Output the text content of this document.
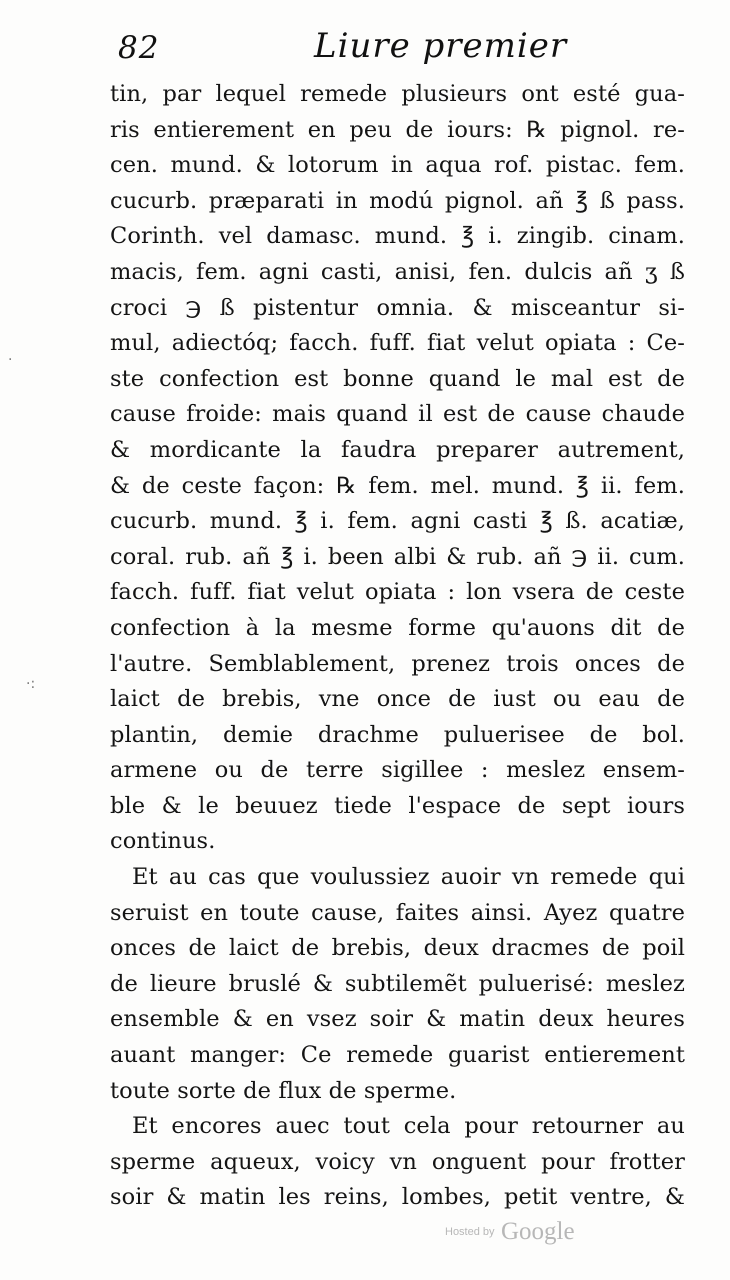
82	Liure premier
tin, par lequel remede plusieurs ont esté gua-
ris entierement en peu de iours: ℞ pignol. re-
cen. mund. & lotorum in aqua rof. pistac. fem.
cucurb. præparati in modú pignol. añ ℥ ß pass.
Corinth. vel damasc. mund. ℥ i. zingib. cinam.
macis, fem. agni casti, anisi, fen. dulcis añ ʒ ß
croci ℈ ß pistentur omnia. & misceantur si-
mul, adiectóq; facch. fuff. fiat velut opiata : Ce-
ste confection est bonne quand le mal est de
cause froide: mais quand il est de cause chaude
& mordicante la faudra preparer autrement,
& de ceste façon: ℞ fem. mel. mund. ℥ ii. fem.
cucurb. mund. ℥ i. fem. agni casti ℥ ß. acatiæ,
coral. rub. añ ℥ i. been albi & rub. añ ℈ ii. cum.
facch. fuff. fiat velut opiata : lon vsera de ceste
confection à la mesme forme qu'auons dit de
l'autre. Semblablement, prenez trois onces de
laict de brebis, vne once de iust ou eau de
plantin, demie drachme puluerisee de bol.
armene ou de terre sigillee : meslez ensem-
ble & le beuuez tiede l'espace de sept iours
continus.
Et au cas que voulussiez auoir vn remede qui
seruist en toute cause, faites ainsi. Ayez quatre
onces de laict de brebis, deux dracmes de poil
de lieure bruslé & subtilemẽt puluerisé: meslez
ensemble & en vsez soir & matin deux heures
auant manger: Ce remede guarist entierement
toute sorte de flux de sperme.
Et encores auec tout cela pour retourner au
sperme aqueux, voicy vn onguent pour frotter
soir & matin les reins, lombes, petit ventre, &
·
·:
Hosted by Google
